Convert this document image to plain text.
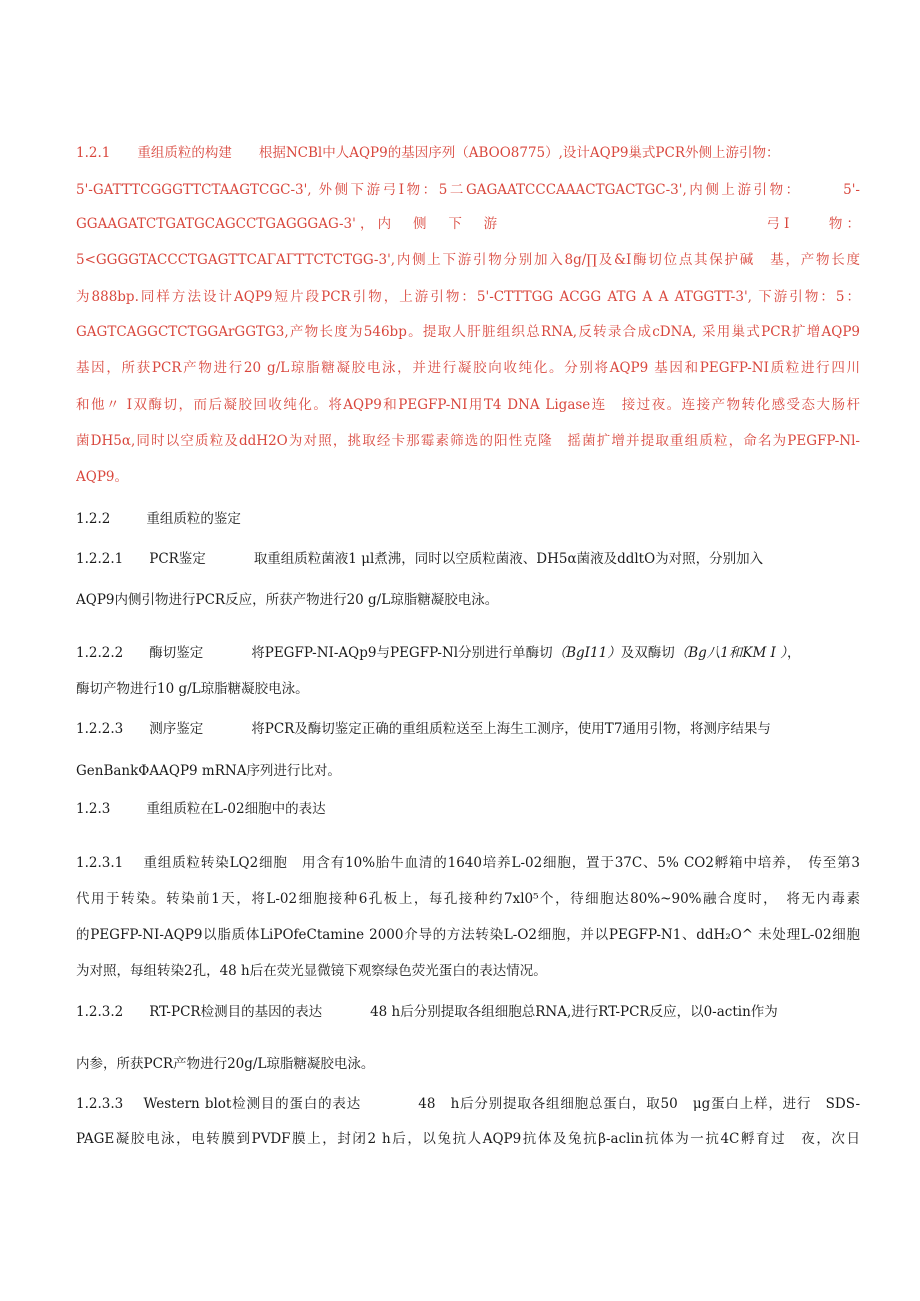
1.2.1　　重组质粒的构建　　根据NCBl中人AQP9的基因序列（ABOO8775）,设计AQP9巢式PCR外侧上游引物：
5'-GATTTCGGGTTCTAAGTCGC-3', 外侧下游弓I物：5二GAGAATCCCAAACTGACTGC-3',内侧上游引物：　　　5'-
GGAAGATCTGATGCAGCCTGAGGGAG-3'，内　侧　下　游　　　　　　　　　　　　　　　弓I　　物：
5<GGGGTACCCTGAGTTCAΓAΓTTCTCTGG-3',内侧上下游引物分别加入8g/∏及&I酶切位点其保护碱　基，产物长度
为888bp.同样方法设计AQP9短片段PCR引物，上游引物：5'-CTTTGG ACGG ATG A A ATGGTT-3', 下游引物：5：
GAGTCAGGCTCTGGArGGTG3,产物长度为546bp。提取人肝脏组织总RNA,反转录合成cDNA, 采用巢式PCR扩增AQP9
基因，所获PCR产物进行20 g/L琼脂糖凝胶电泳，并进行凝胶向收纯化。分别将AQP9 基因和PEGFP-NI质粒进行四川
和他〃 I双酶切，而后凝胶回收纯化。将AQP9和PEGFP-NI用T4 DNA Ligase连　接过夜。连接产物转化感受态大肠杆
菌DH5α,同时以空质粒及ddH2O为对照，挑取经卡那霉素筛选的阳性克隆　摇菌扩增并提取重组质粒，命名为PEGFP-Nl-
AQP9。
1.2.2	重组质粒的鉴定
1.2.2.1 PCR鉴定	取重组质粒菌液1 μl煮沸，同时以空质粒菌液、DH5α菌液及ddltO为对照，分别加入
AQP9内侧引物进行PCR反应，所获产物进行20 g/L琼脂糖凝胶电泳。
1.2.2.2 酶切鉴定	将PEGFP-NI-AQp9与PEGFP-Nl分别进行单酶切（BgI11）及双酶切（Bg八1和KM I ），
酶切产物进行10 g/L琼脂糖凝胶电泳。
1.2.2.3 测序鉴定	将PCR及酶切鉴定正确的重组质粒送至上海生工测序，使用T7通用引物，将测序结果与
GenBankΦAAQP9 mRNA序列进行比对。
1.2.3	重组质粒在L-02细胞中的表达
1.2.3.1　 重组质粒转染LQ2细胞　用含有10%胎牛血清的1640培养L-02细胞，置于37C、5% CO2孵箱中培养，　传至第3
代用于转染。转染前1天，将L-02细胞接种6孔板上，每孔接种约7xl0⁵个，待细胞达80%~90%融合度时，　将无内毒素
的PEGFP-NI-AQP9以脂质体LiPOfeCtamine 2000介导的方法转染L-O2细胞，并以PEGFP-N1、ddH₂O^ 未处理L-02细胞
为对照，每组转染2孔，48 h后在荧光显微镜下观察绿色荧光蛋白的表达情况。
1.2.3.2 RT-PCR检测目的基因的表达	48 h后分别提取各组细胞总RNA,进行RT-PCR反应，以0-actin作为
内参，所获PCR产物进行20g/L琼脂糖凝胶电泳。
1.2.3.3　 Western blot检测目的蛋白的表达　　　　48　h后分别提取各组细胞总蛋白，取50　μg蛋白上样，进行　SDS-
PAGE凝胶电泳，电转膜到PVDF膜上，封闭2 h后，以兔抗人AQP9抗体及兔抗β-aclin抗体为一抗4C孵育过　夜，次日
